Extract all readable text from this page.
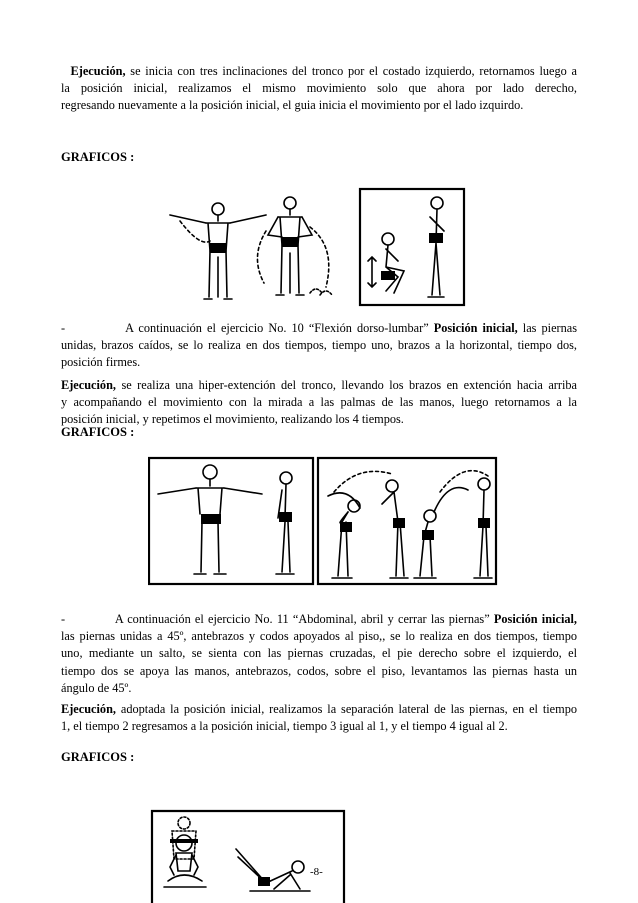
Ejecución, se inicia con tres inclinaciones del tronco por el costado izquierdo, retornamos luego a
la posición inicial, realizamos el mismo movimiento solo que ahora por lado derecho,
regresando nuevamente a la posición inicial, el guia inicia el movimiento por el lado izquirdo.
GRAFICOS :
-	A continuación el ejercicio No. 10 “Flexión dorso-lumbar” Posición inicial, las piernas
unidas, brazos caídos, se lo realiza en dos tiempos, tiempo uno, brazos a la horizontal, tiempo dos,
posición firmes.
Ejecución, se realiza una hiper-extención del tronco, llevando los brazos en extención hacia arriba
y acompañando el movimiento con la mirada a las palmas de las manos, luego retornamos a la
posición inicial, y repetimos el movimiento, realizando los 4 tiempos.
GRAFICOS :
-	A continuación el ejercicio No. 11 “Abdominal, abril y cerrar las piernas” Posición inicial,
las piernas unidas a 45º, antebrazos y codos apoyados al piso,, se lo realiza en dos tiempos, tiempo
uno, mediante un salto, se sienta con las piernas cruzadas, el pie derecho sobre el izquierdo, el
tiempo dos se apoya las manos, antebrazos, codos, sobre el piso, levantamos las piernas hasta un
ángulo de 45º.
Ejecución, adoptada la posición inicial, realizamos la separación lateral de las piernas, en el tiempo
1, el tiempo 2 regresamos a la posición inicial, tiempo 3 igual al 1, y el tiempo 4 igual al 2.
GRAFICOS :
-8-
